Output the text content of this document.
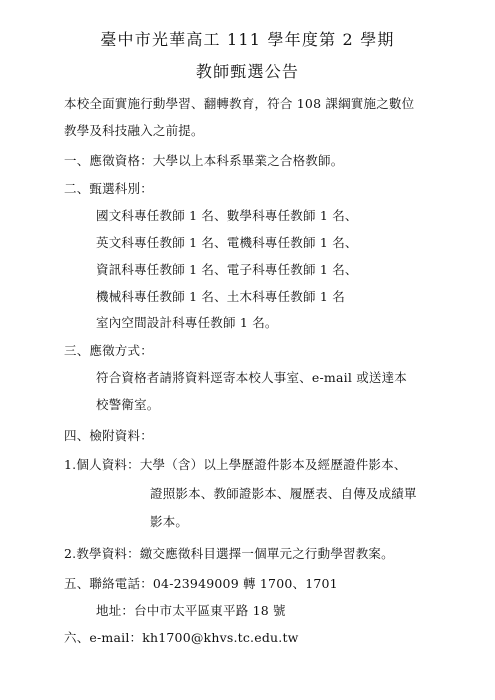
臺中市光華高工 111 學年度第 2 學期
教師甄選公告
本校全面實施行動學習、翻轉教育，符合 108 課綱實施之數位
教學及科技融入之前提。
一、應徵資格：大學以上本科系畢業之合格教師。
二、甄選科別：
國文科專任教師 1 名、數學科專任教師 1 名、
英文科專任教師 1 名、電機科專任教師 1 名、
資訊科專任教師 1 名、電子科專任教師 1 名、
機械科專任教師 1 名、土木科專任教師 1 名
室內空間設計科專任教師 1 名。
三、應徵方式：
符合資格者請將資料逕寄本校人事室、e-mail 或送達本
校警衛室。
四、檢附資料：
1.個人資料：大學（含）以上學歷證件影本及經歷證件影本、
證照影本、教師證影本、履歷表、自傳及成績單
影本。
2.教學資料：繳交應徵科目選擇一個單元之行動學習教案。
五、聯絡電話：04-23949009 轉 1700、1701
地址：台中市太平區東平路 18 號
六、e-mail：kh1700@khvs.tc.edu.tw
